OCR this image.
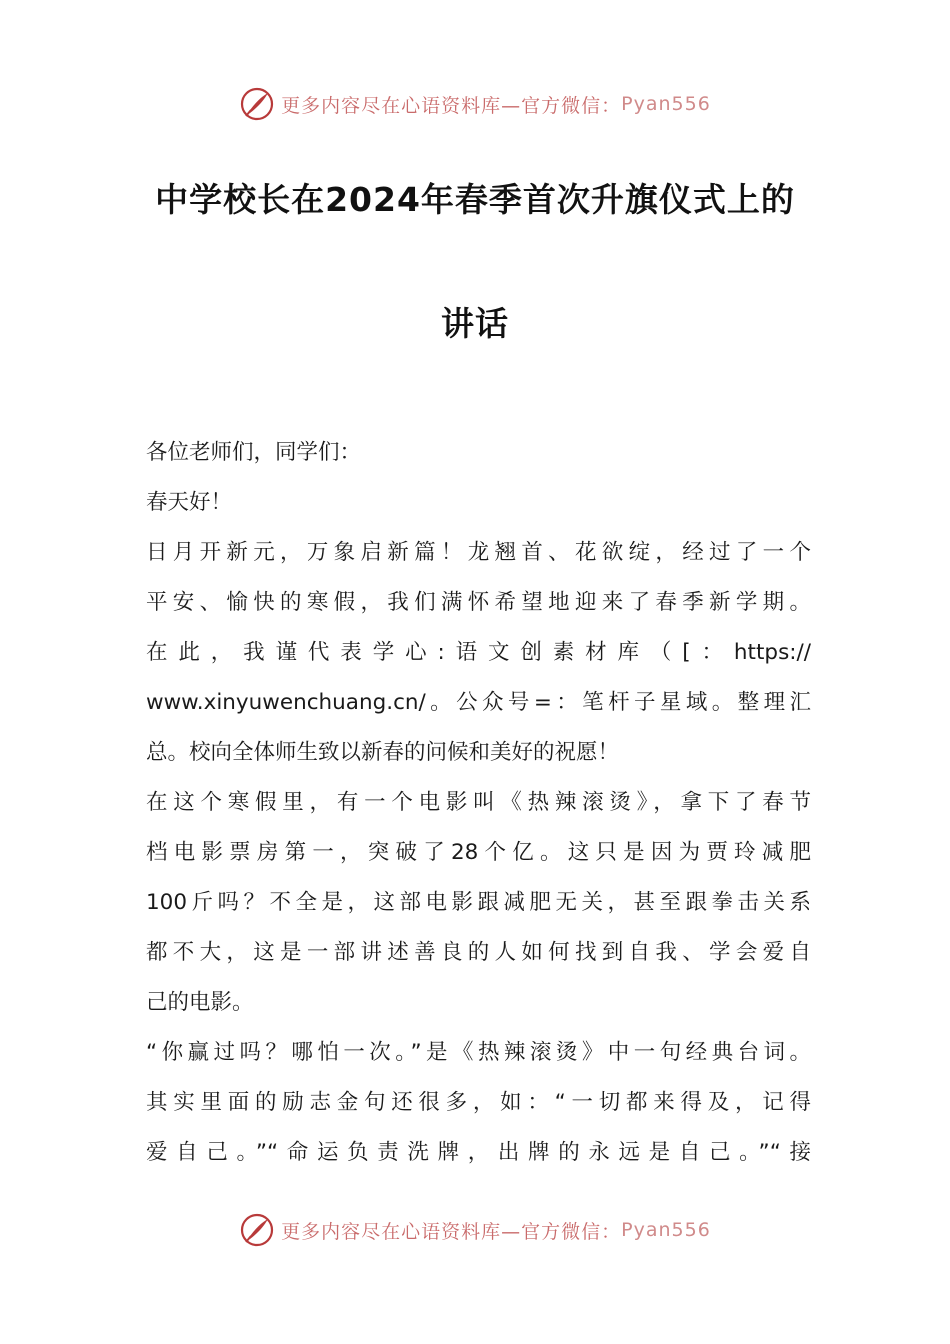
更多内容尽在心语资料库—官方微信： Pyan556
中学校长在2024年春季首次升旗仪式上的
讲话

各位老师们，同学们：

春天好！

日月开新元，万象启新篇！龙翘首、花欲绽，经过了一个

平安、愉快的寒假，我们满怀希望地迎来了春季新学期。

在此，我谨代表学心:语文创素材库（[：https://

www.xinyuwenchuang.cn/。公众号=：笔杆子星域。整理汇

总。校向全体师生致以新春的问候和美好的祝愿！

在这个寒假里，有一个电影叫《热辣滚烫》，拿下了春节

档电影票房第一，突破了28个亿。这只是因为贾玲减肥

100斤吗？不全是，这部电影跟减肥无关，甚至跟拳击关系

都不大，这是一部讲述善良的人如何找到自我、学会爱自

己的电影。

“你赢过吗？哪怕一次。”是《热辣滚烫》中一句经典台词。

其实里面的励志金句还很多，如：“一切都来得及，记得

爱自己。”“命运负责洗牌，出牌的永远是自己。”“接

更多内容尽在心语资料库—官方微信： Pyan556
